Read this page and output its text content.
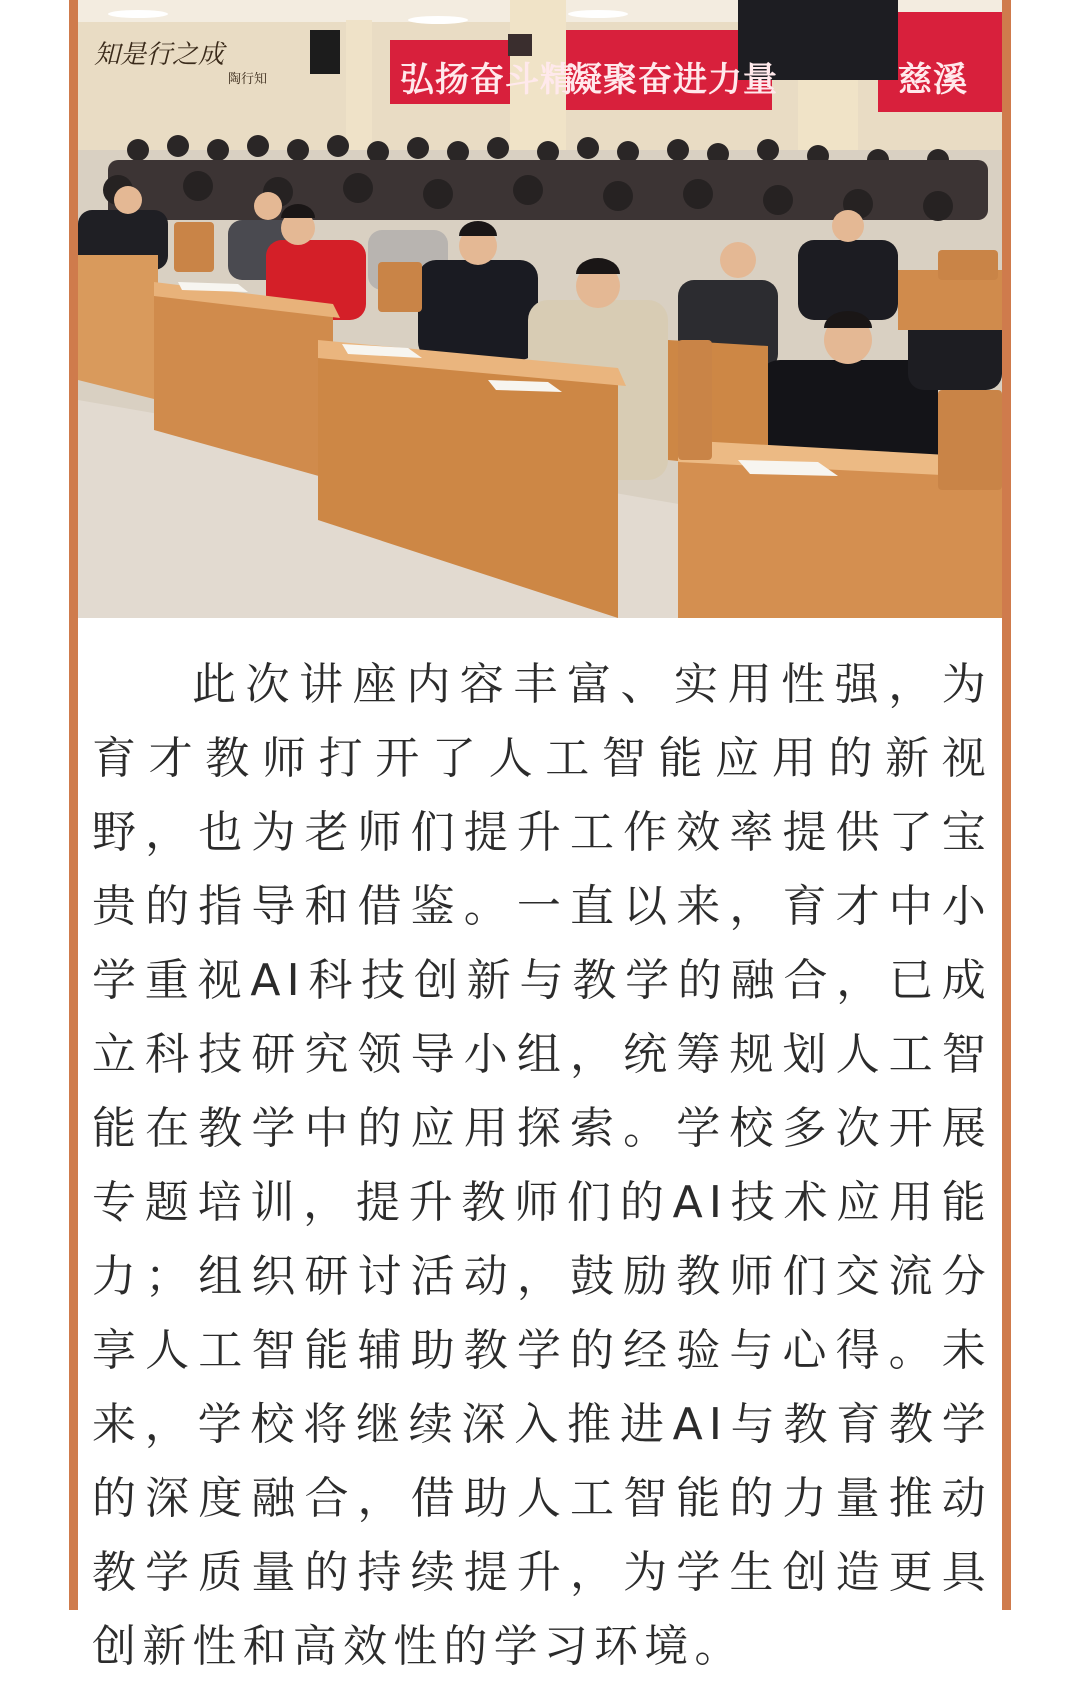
知是行之成
陶行知	弘扬奋斗精
凝聚奋进力量	慈溪

此次讲座内容丰富、实用性强，为育才教师打开了人工智能应用的新视野，也为老师们提升工作效率提供了宝贵的指导和借鉴。一直以来，育才中小学重视AI科技创新与教学的融合，已成立科技研究领导小组，统筹规划人工智能在教学中的应用探索。学校多次开展专题培训，提升教师们的AI技术应用能力；组织研讨活动，鼓励教师们交流分享人工智能辅助教学的经验与心得。未来，学校将继续深入推进AI与教育教学的深度融合，借助人工智能的力量推动教学质量的持续提升，为学生创造更具创新性和高效性的学习环境。
